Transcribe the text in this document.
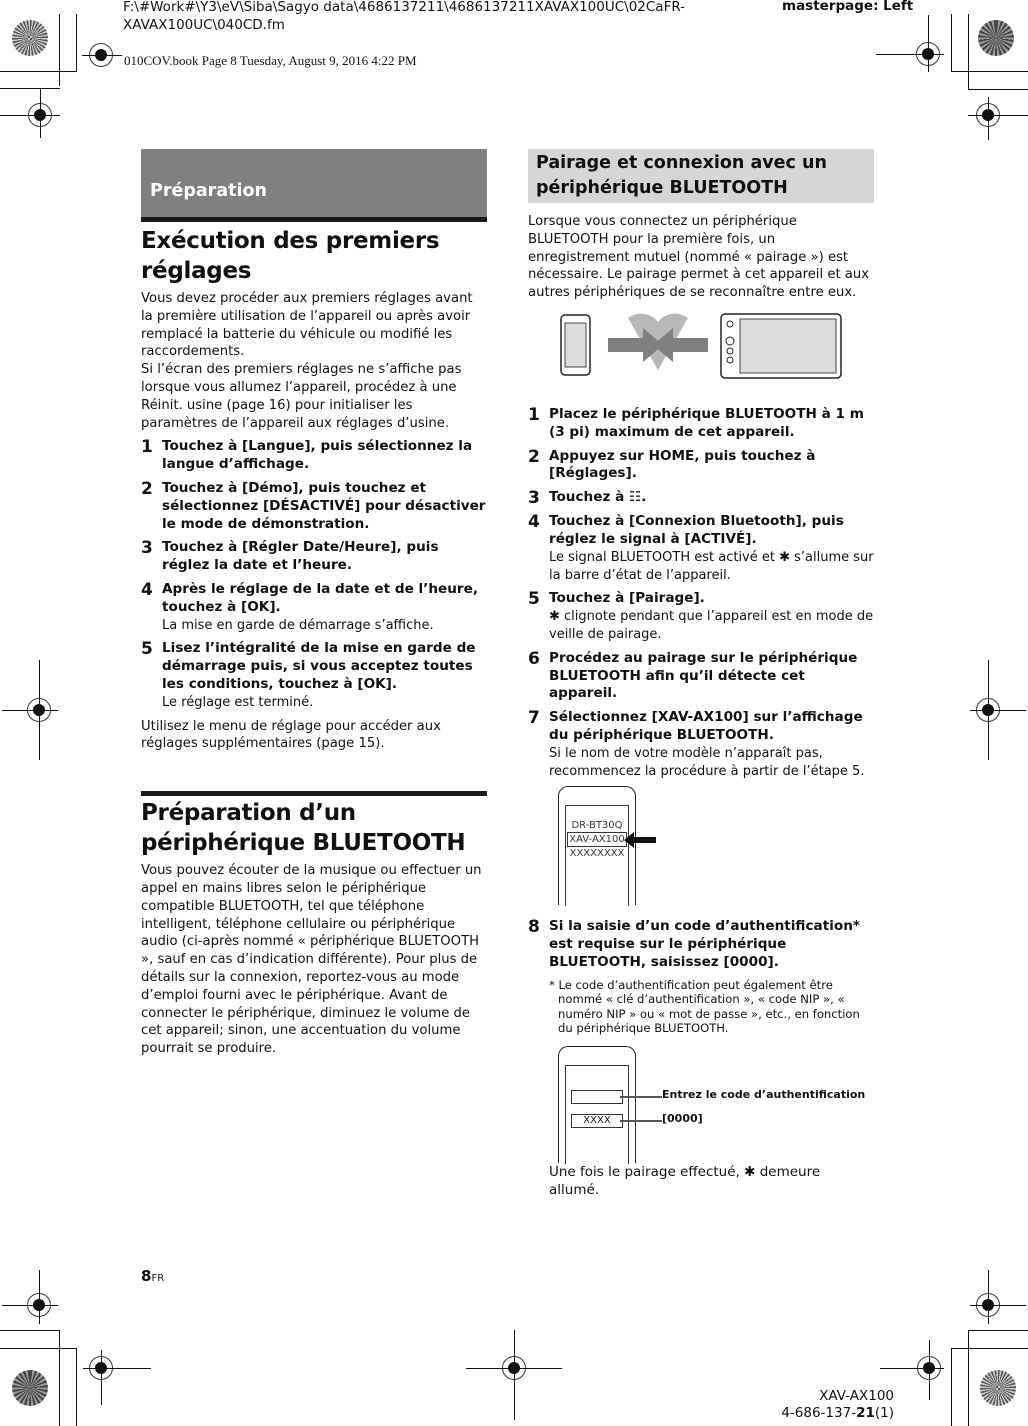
F:\#Work#\Y3\eV\Siba\Sagyo data\4686137211\4686137211XAVAX100UC\02CaFR-
XAVAX100UC\040CD.fm
masterpage: Left
010COV.book Page 8 Tuesday, August 9, 2016 4:22 PM
Préparation
Exécution des premiers réglages

Vous devez procéder aux premiers réglages avant la première utilisation de l’appareil ou après avoir remplacé la batterie du véhicule ou modifié les raccordements.

Si l’écran des premiers réglages ne s’affiche pas lorsque vous allumez l’appareil, procédez à une Réinit. usine (page 16) pour initialiser les paramètres de l’appareil aux réglages d’usine.

1 Touchez à [Langue], puis sélectionnez la langue d’affichage.
2 Touchez à [Démo], puis touchez et sélectionnez [DÉSACTIVÉ] pour désactiver le mode de démonstration.
3 Touchez à [Régler Date/Heure], puis réglez la date et l’heure.
4 Après le réglage de la date et de l’heure, touchez à [OK].
La mise en garde de démarrage s’affiche.
5 Lisez l’intégralité de la mise en garde de démarrage puis, si vous acceptez toutes les conditions, touchez à [OK].
Le réglage est terminé.

Utilisez le menu de réglage pour accéder aux réglages supplémentaires (page 15).

Préparation d’un périphérique BLUETOOTH

Vous pouvez écouter de la musique ou effectuer un appel en mains libres selon le périphérique compatible BLUETOOTH, tel que téléphone intelligent, téléphone cellulaire ou périphérique audio (ci-après nommé « périphérique BLUETOOTH », sauf en cas d’indication différente). Pour plus de détails sur la connexion, reportez-vous au mode d’emploi fourni avec le périphérique. Avant de connecter le périphérique, diminuez le volume de cet appareil; sinon, une accentuation du volume pourrait se produire.

Pairage et connexion avec un périphérique BLUETOOTH

Lorsque vous connectez un périphérique BLUETOOTH pour la première fois, un enregistrement mutuel (nommé « pairage ») est nécessaire. Le pairage permet à cet appareil et aux autres périphériques de se reconnaître entre eux.

1 Placez le périphérique BLUETOOTH à 1 m (3 pi) maximum de cet appareil.
2 Appuyez sur HOME, puis touchez à [Réglages].
3 Touchez à ☷.
4 Touchez à [Connexion Bluetooth], puis réglez le signal à [ACTIVÉ].
Le signal BLUETOOTH est activé et ✱ s’allume sur la barre d’état de l’appareil.
5 Touchez à [Pairage].
✱ clignote pendant que l’appareil est en mode de veille de pairage.
6 Procédez au pairage sur le périphérique BLUETOOTH afin qu’il détecte cet appareil.
7 Sélectionnez [XAV-AX100] sur l’affichage du périphérique BLUETOOTH.
Si le nom de votre modèle n’apparaît pas, recommencez la procédure à partir de l’étape 5.
DR-BT30Q
XAV-AX100
XXXXXXXX
8 Si la saisie d’un code d’authentification* est requise sur le périphérique BLUETOOTH, saisissez [0000].

* Le code d’authentification peut également être nommé « clé d’authentification », « code NIP », « numéro NIP » ou « mot de passe », etc., en fonction du périphérique BLUETOOTH.

XXXX
Entrez le code d’authentification
[0000]

Une fois le pairage effectué, ✱ demeure allumé.

8FR
XAV-AX100
4-686-137-21(1)
